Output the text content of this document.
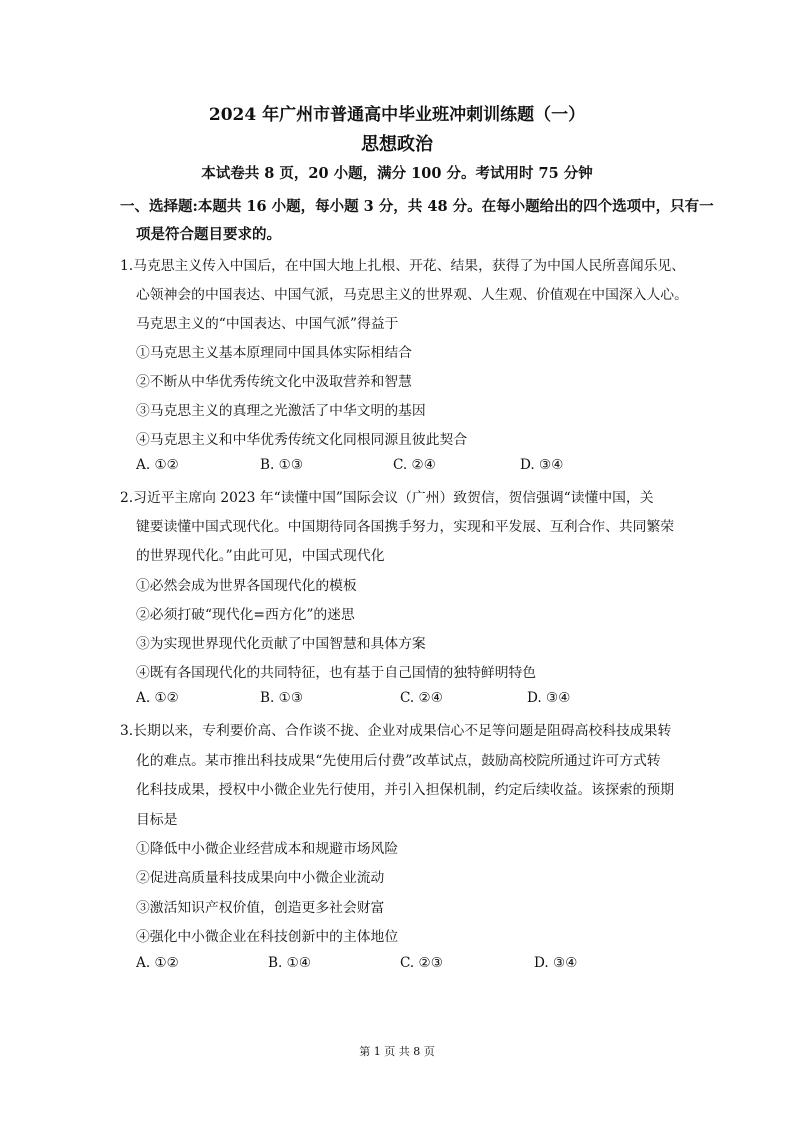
2024 年广州市普通高中毕业班冲刺训练题（一）
思想政治
本试卷共 8 页，20 小题，满分 100 分。考试用时 75 分钟
一、选择题:本题共 16 小题，每小题 3 分，共 48 分。在每小题给出的四个选项中，只有一
项是符合题目要求的。
1.马克思主义传入中国后，在中国大地上扎根、开花、结果，获得了为中国人民所喜闻乐见、
心领神会的中国表达、中国气派，马克思主义的世界观、人生观、价值观在中国深入人心。
马克思主义的“中国表达、中国气派”得益于
①马克思主义基本原理同中国具体实际相结合
②不断从中华优秀传统文化中汲取营养和智慧
③马克思主义的真理之光激活了中华文明的基因
④马克思主义和中华优秀传统文化同根同源且彼此契合
A. ①②	B. ①③	C. ②④	D. ③④
2.习近平主席向 2023 年“读懂中国”国际会议（广州）致贺信，贺信强调“读懂中国，关
键要读懂中国式现代化。中国期待同各国携手努力，实现和平发展、互利合作、共同繁荣
的世界现代化。”由此可见，中国式现代化
①必然会成为世界各国现代化的模板
②必须打破“现代化=西方化”的迷思
③为实现世界现代化贡献了中国智慧和具体方案
④既有各国现代化的共同特征，也有基于自己国情的独特鲜明特色
A. ①②	B. ①③	C. ②④	D. ③④
3.长期以来，专利要价高、合作谈不拢、企业对成果信心不足等问题是阻碍高校科技成果转
化的难点。某市推出科技成果“先使用后付费”改革试点，鼓励高校院所通过许可方式转
化科技成果，授权中小微企业先行使用，并引入担保机制，约定后续收益。该探索的预期
目标是
①降低中小微企业经营成本和规避市场风险
②促进高质量科技成果向中小微企业流动
③激活知识产权价值，创造更多社会财富
④强化中小微企业在科技创新中的主体地位
A. ①②	B. ①④	C. ②③	D. ③④
第 1 页 共 8 页
